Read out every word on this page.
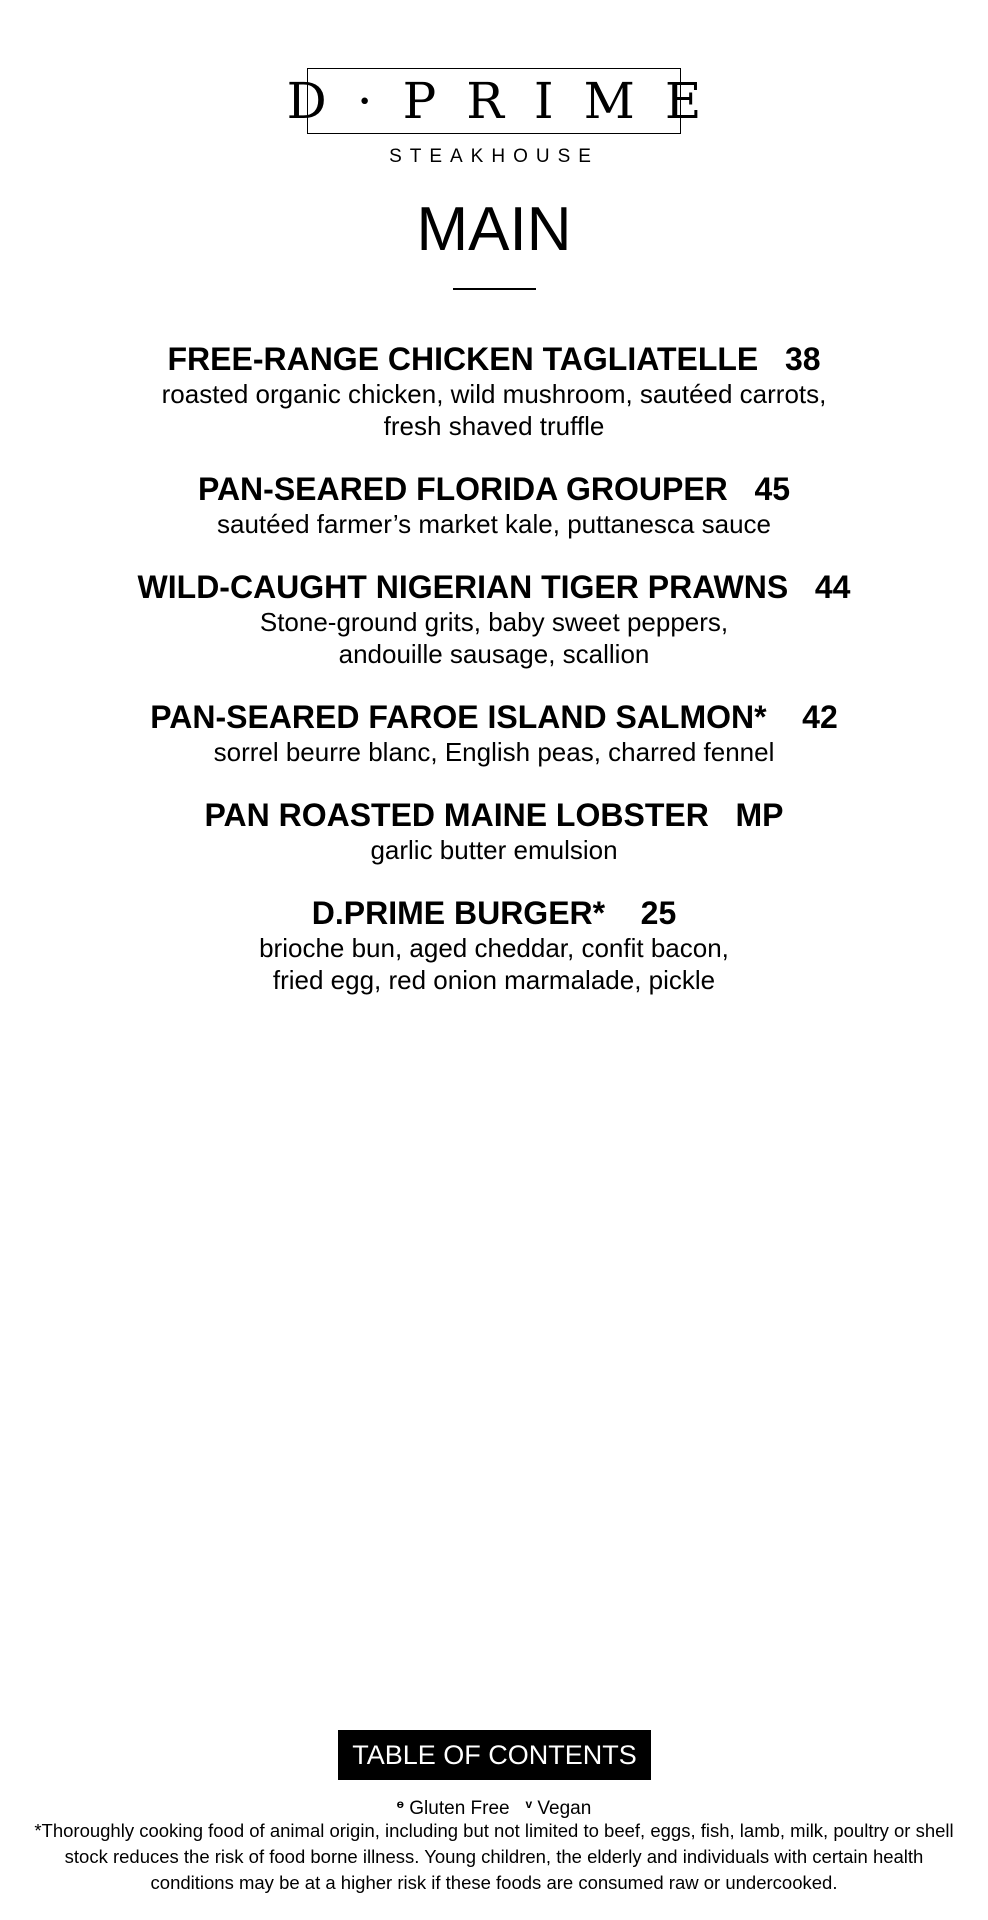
D·PRIME
STEAKHOUSE
MAIN
FREE-RANGE CHICKEN TAGLIATELLE   38
roasted organic chicken, wild mushroom, sautéed carrots,
fresh shaved truffle
PAN-SEARED FLORIDA GROUPER   45
sautéed farmer’s market kale, puttanesca sauce
WILD-CAUGHT NIGERIAN TIGER PRAWNS   44
Stone-ground grits, baby sweet peppers,
andouille sausage, scallion
PAN-SEARED FAROE ISLAND SALMON*    42
sorrel beurre blanc, English peas, charred fennel
PAN ROASTED MAINE LOBSTER   MP
garlic butter emulsion
D.PRIME BURGER*    25
brioche bun, aged cheddar, confit bacon,
fried egg, red onion marmalade, pickle
TABLE OF CONTENTS
$^ɵ$ Gluten Free $^v$ Vegan
*Thoroughly cooking food of animal origin, including but not limited to beef, eggs, fish, lamb, milk, poultry or shell stock reduces the risk of food borne illness. Young children, the elderly and individuals with certain health conditions may be at a higher risk if these foods are consumed raw or undercooked.
